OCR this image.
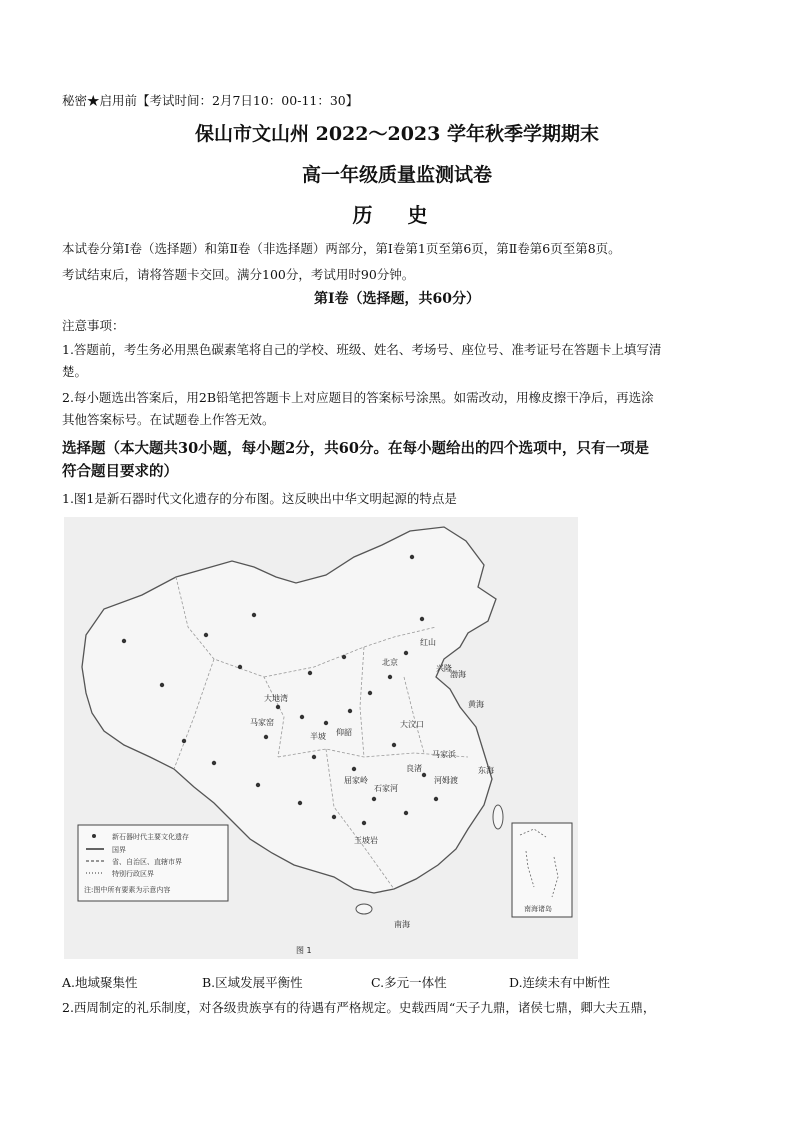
秘密★启用前【考试时间：2月7日10：00-11：30】
保山市文山州 2022～2023 学年秋季学期期末
高一年级质量监测试卷
历 史
本试卷分第Ⅰ卷（选择题）和第Ⅱ卷（非选择题）两部分，第Ⅰ卷第1页至第6页，第Ⅱ卷第6页至第8页。
考试结束后，请将答题卡交回。满分100分，考试用时90分钟。
第Ⅰ卷（选择题，共60分）
注意事项：
1.答题前，考生务必用黑色碳素笔将自己的学校、班级、姓名、考场号、座位号、准考证号在答题卡上填写清
楚。
2.每小题选出答案后，用2B铅笔把答题卡上对应题目的答案标号涂黑。如需改动，用橡皮擦干净后，再选涂
其他答案标号。在试题卷上作答无效。
选择题（本大题共30小题，每小题2分，共60分。在每小题给出的四个选项中，只有一项是
符合题目要求的）
1.图1是新石器时代文化遗存的分布图。这反映出中华文明起源的特点是
新石器时代主要文化遗存
国界
省、自治区、直辖市界
特别行政区界
注:图中所有要素为示意内容
南海诸岛
红山
北京
兴隆
大汶口
仰韶
马家浜
河姆渡
良渚
半坡
马家窑
大地湾
屈家岭
石家河
王坡岩
南海
东海
黄海
渤海
图 1
A.地域聚集性	B.区域发展平衡性	C.多元一体性	D.连续未有中断性
2.西周制定的礼乐制度，对各级贵族享有的待遇有严格规定。史载西周“天子九鼎，诸侯七鼎，卿大夫五鼎，
